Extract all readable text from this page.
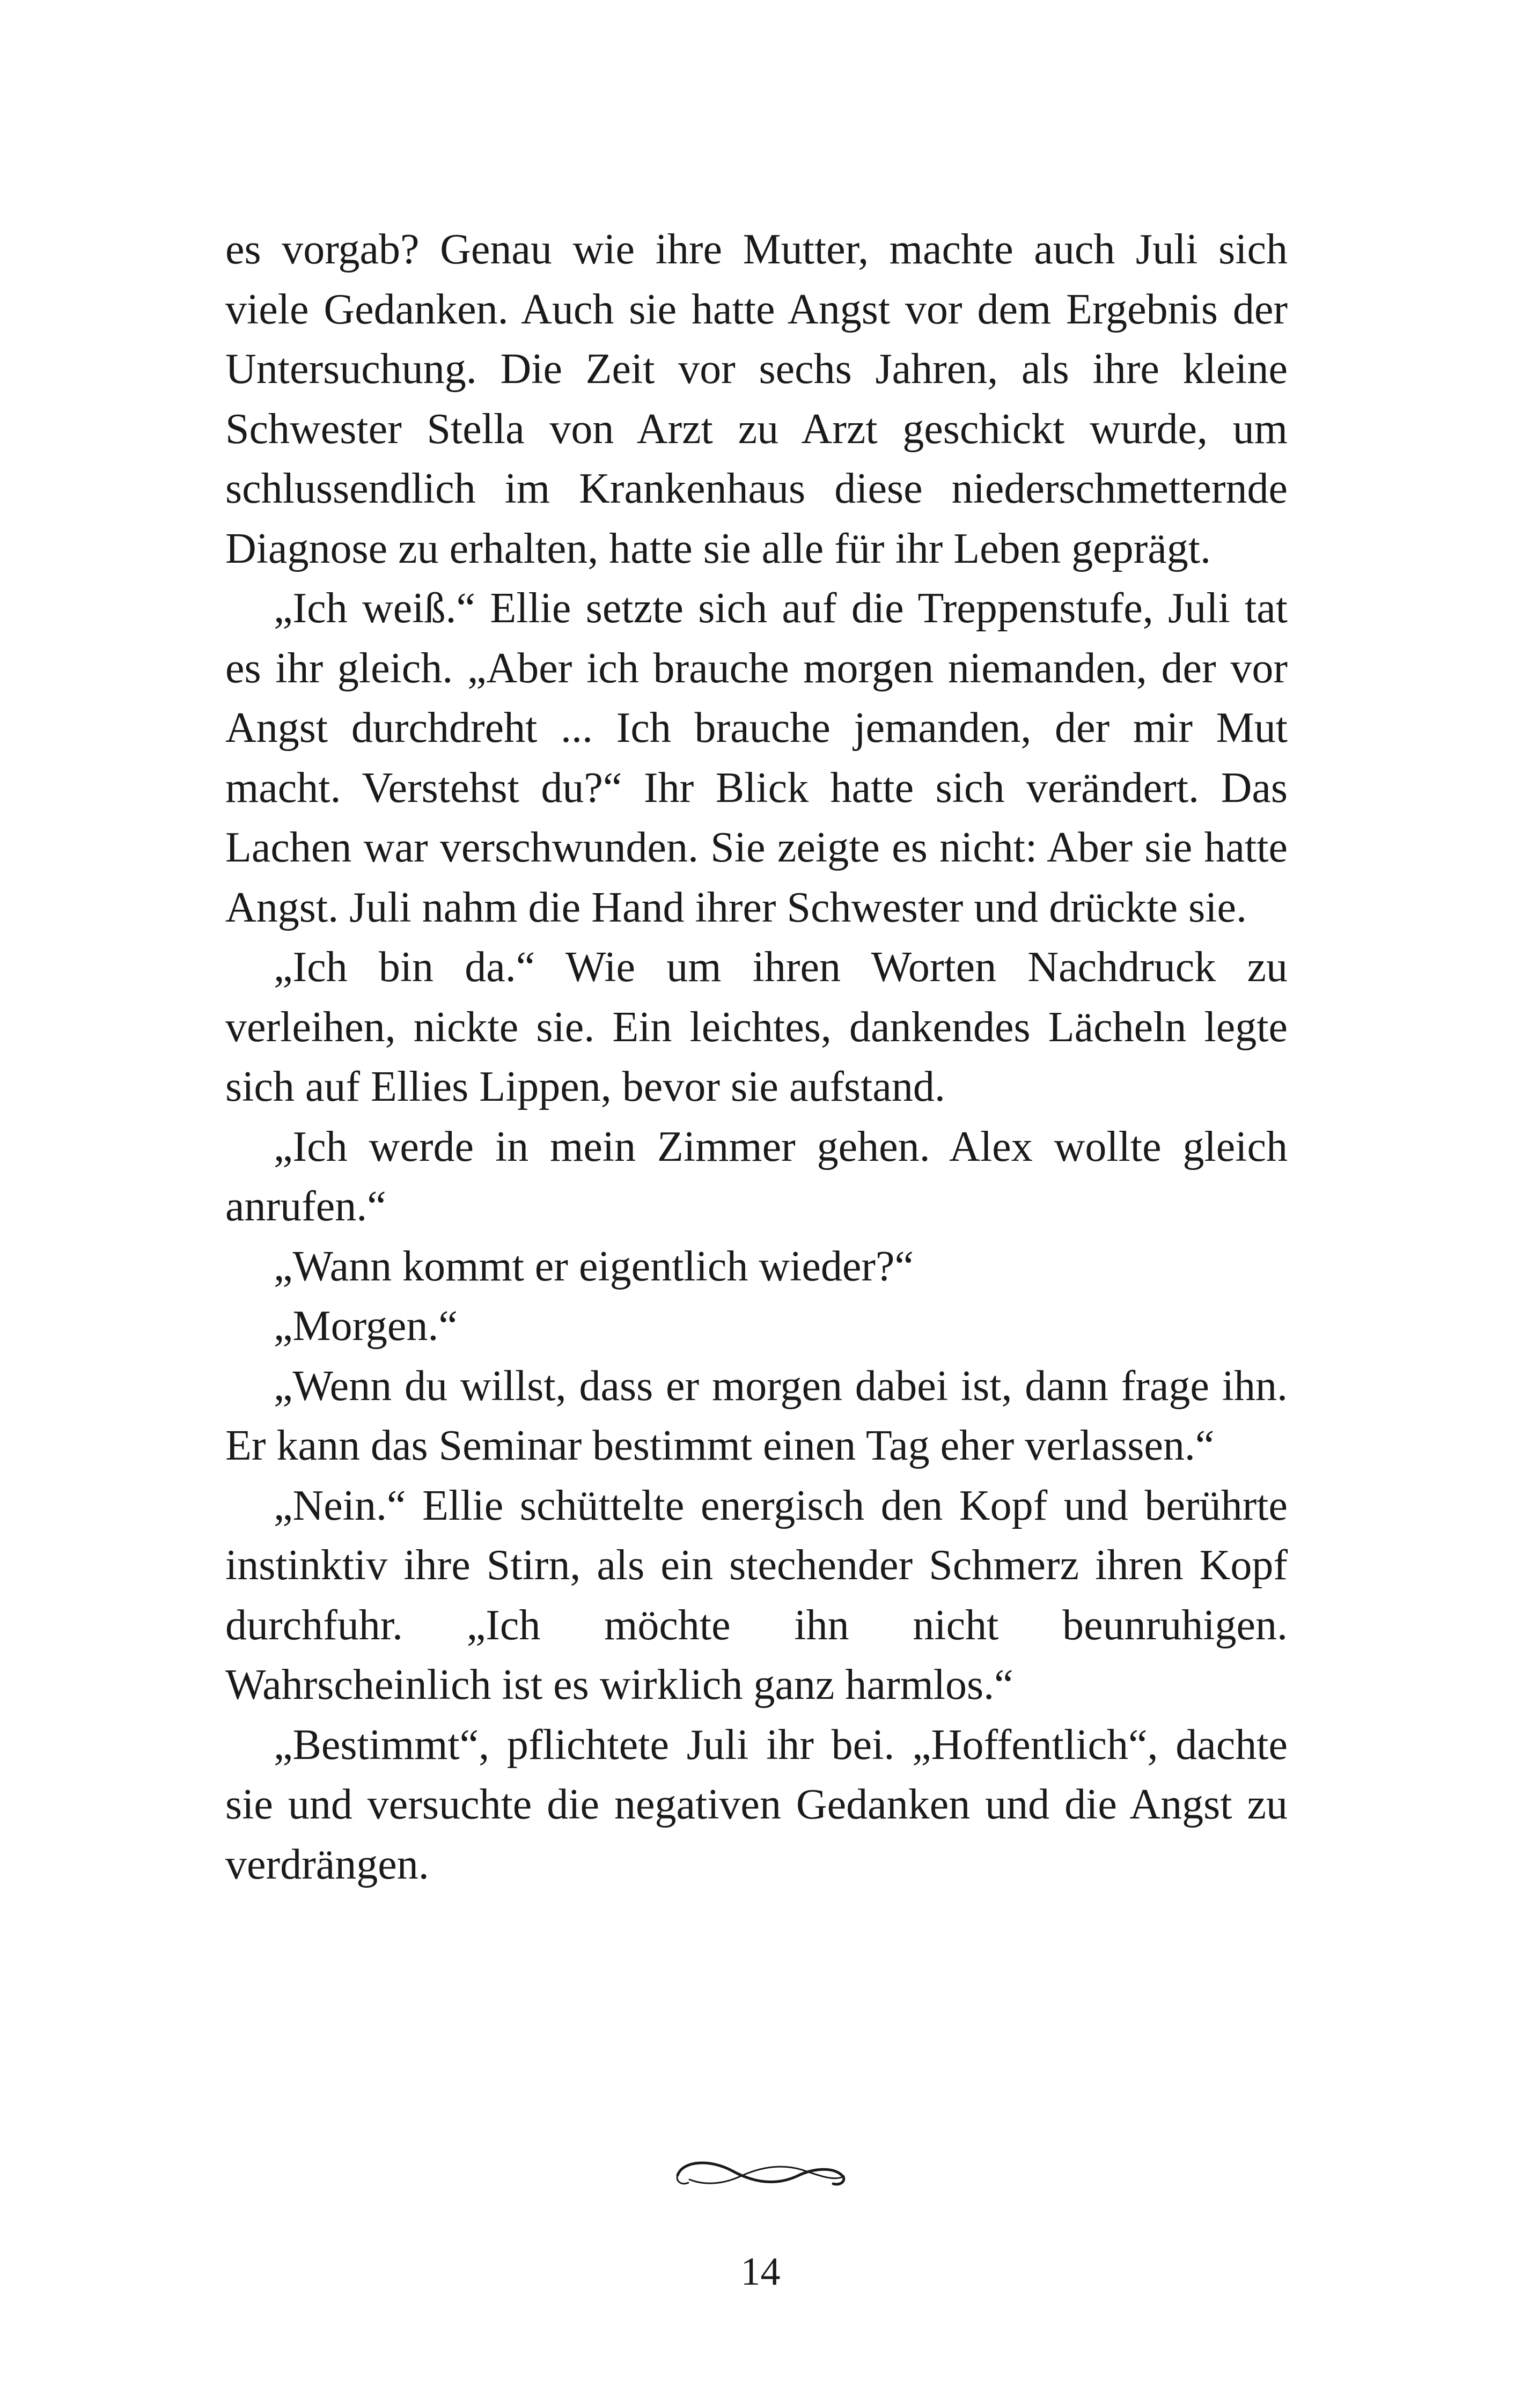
es vorgab? Genau wie ihre Mutter, machte auch Juli sich viele Gedanken. Auch sie hatte Angst vor dem Ergebnis der Untersuchung. Die Zeit vor sechs Jahren, als ihre kleine Schwester Stella von Arzt zu Arzt geschickt wurde, um schlussendlich im Krankenhaus diese niederschmetternde Diagnose zu erhalten, hatte sie alle für ihr Leben geprägt.

„Ich weiß.“ Ellie setzte sich auf die Treppenstufe, Juli tat es ihr gleich. „Aber ich brauche morgen niemanden, der vor Angst durchdreht ... Ich brauche jemanden, der mir Mut macht. Verstehst du?“ Ihr Blick hatte sich verändert. Das Lachen war verschwunden. Sie zeigte es nicht: Aber sie hatte Angst. Juli nahm die Hand ihrer Schwester und drückte sie.

„Ich bin da.“ Wie um ihren Worten Nachdruck zu verleihen, nickte sie. Ein leichtes, dankendes Lächeln legte sich auf Ellies Lippen, bevor sie aufstand.

„Ich werde in mein Zimmer gehen. Alex wollte gleich anrufen.“

„Wann kommt er eigentlich wieder?“

„Morgen.“

„Wenn du willst, dass er morgen dabei ist, dann frage ihn. Er kann das Seminar bestimmt einen Tag eher verlassen.“

„Nein.“ Ellie schüttelte energisch den Kopf und berührte instinktiv ihre Stirn, als ein stechender Schmerz ihren Kopf durchfuhr. „Ich möchte ihn nicht beunruhigen. Wahrscheinlich ist es wirklich ganz harmlos.“

„Bestimmt“, pflichtete Juli ihr bei. „Hoffentlich“, dachte sie und versuchte die negativen Gedanken und die Angst zu verdrängen.

14
